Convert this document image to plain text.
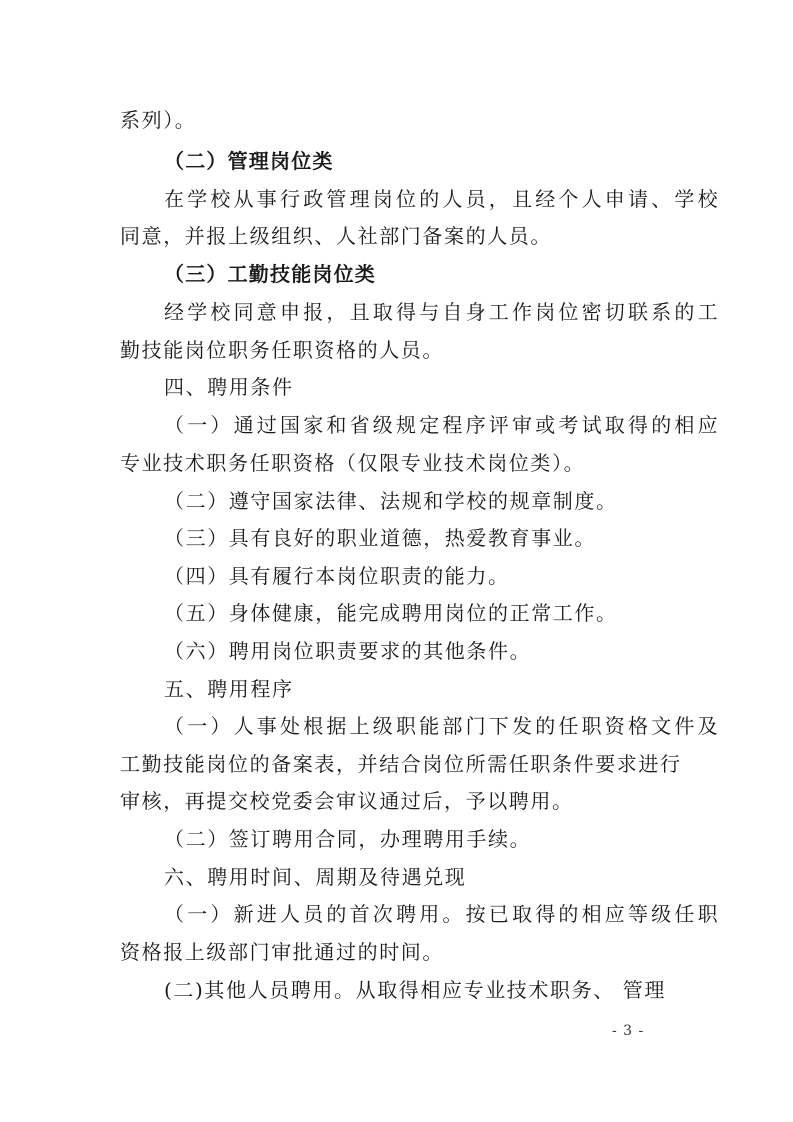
系列）。
（二）管理岗位类
在学校从事行政管理岗位的人员，且经个人申请、学校
同意，并报上级组织、人社部门备案的人员。
（三）工勤技能岗位类
经学校同意申报，且取得与自身工作岗位密切联系的工
勤技能岗位职务任职资格的人员。
四、聘用条件
（一）通过国家和省级规定程序评审或考试取得的相应
专业技术职务任职资格（仅限专业技术岗位类）。
（二）遵守国家法律、法规和学校的规章制度。
（三）具有良好的职业道德，热爱教育事业。
（四）具有履行本岗位职责的能力。
（五）身体健康，能完成聘用岗位的正常工作。
（六）聘用岗位职责要求的其他条件。
五、聘用程序
（一）人事处根据上级职能部门下发的任职资格文件及
工勤技能岗位的备案表，并结合岗位所需任职条件要求进行
审核，再提交校党委会审议通过后，予以聘用。
（二）签订聘用合同，办理聘用手续。
六、聘用时间、周期及待遇兑现
（一）新进人员的首次聘用。按已取得的相应等级任职
资格报上级部门审批通过的时间。
(二)其他人员聘用。从取得相应专业技术职务、 管理
- 3 -
